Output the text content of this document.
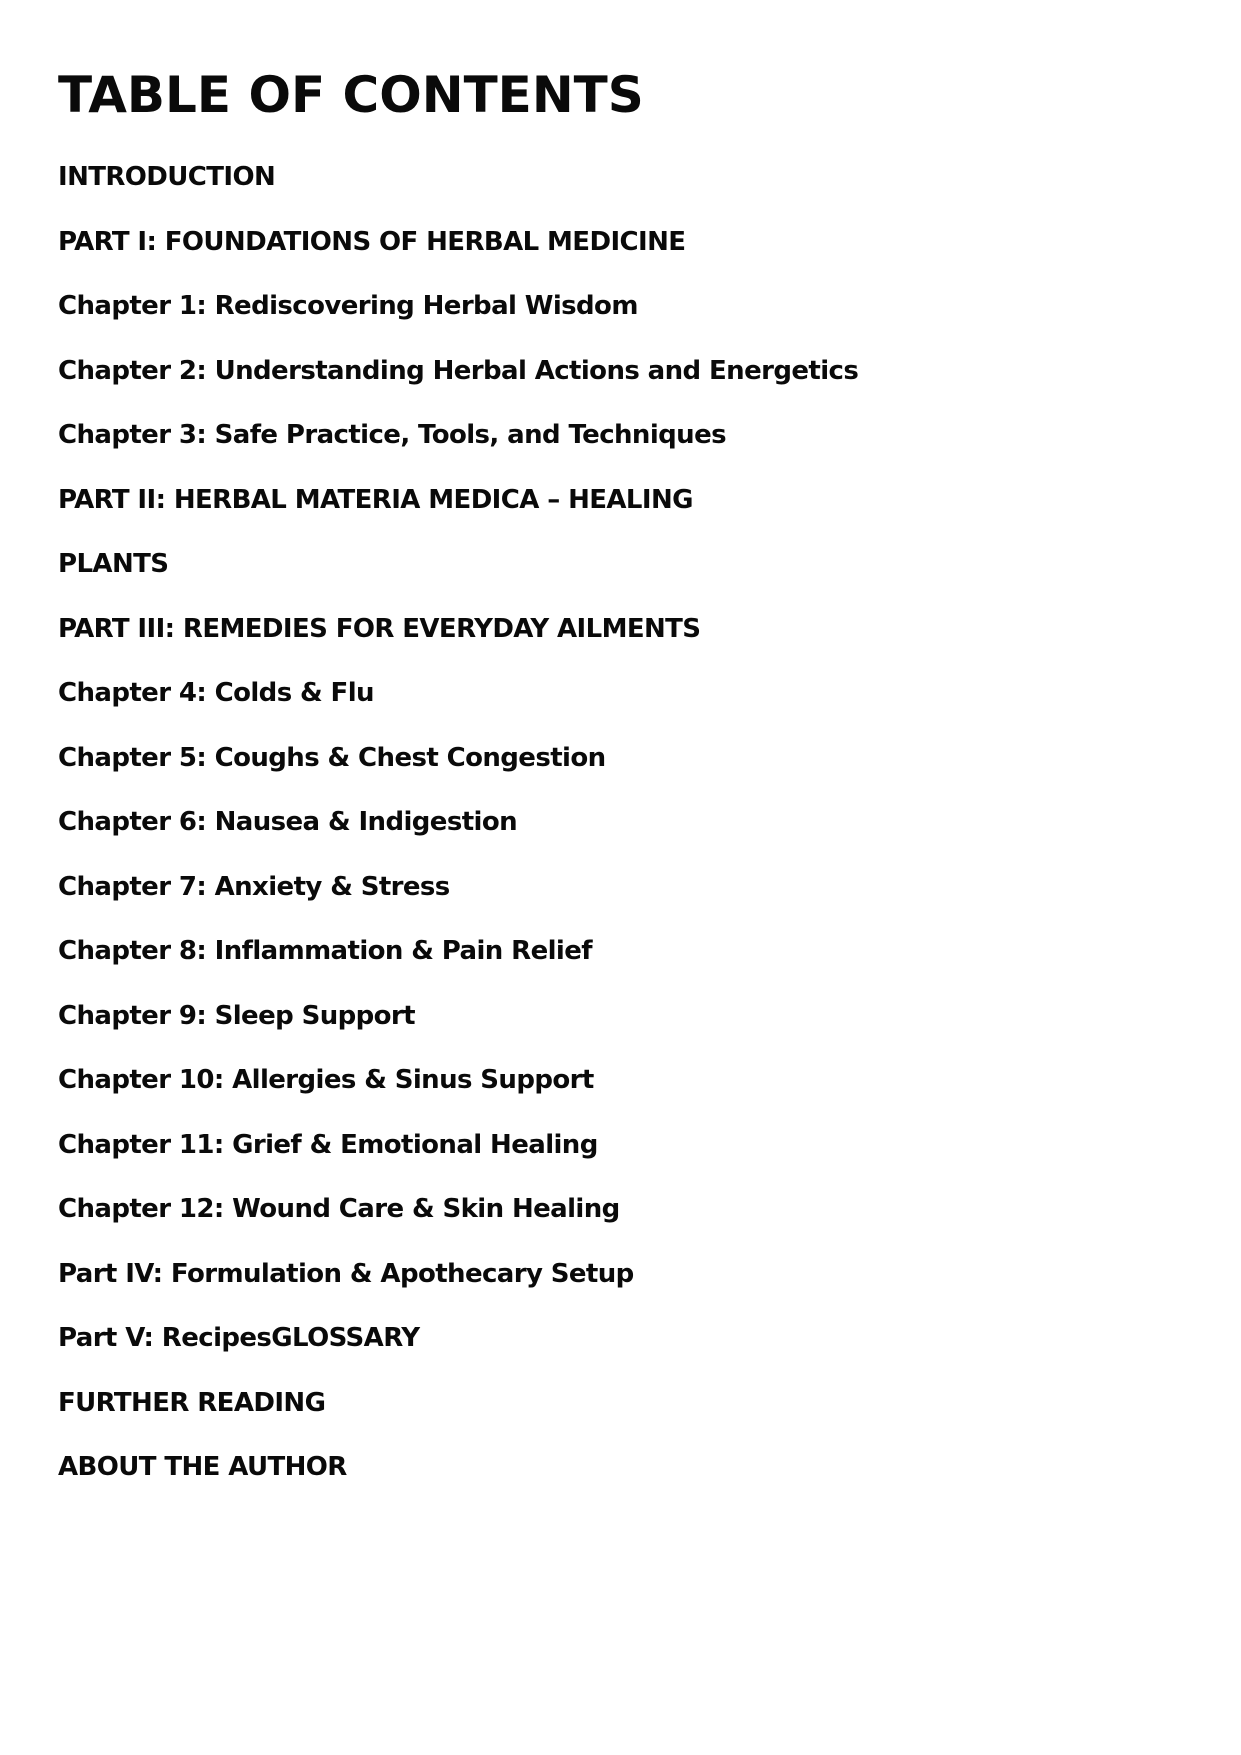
TABLE OF CONTENTS
INTRODUCTION
PART I: FOUNDATIONS OF HERBAL MEDICINE
Chapter 1: Rediscovering Herbal Wisdom
Chapter 2: Understanding Herbal Actions and Energetics
Chapter 3: Safe Practice, Tools, and Techniques
PART II: HERBAL MATERIA MEDICA – HEALING
PLANTS
PART III: REMEDIES FOR EVERYDAY AILMENTS
Chapter 4: Colds & Flu
Chapter 5: Coughs & Chest Congestion
Chapter 6: Nausea & Indigestion
Chapter 7: Anxiety & Stress
Chapter 8: Inflammation & Pain Relief
Chapter 9: Sleep Support
Chapter 10: Allergies & Sinus Support
Chapter 11: Grief & Emotional Healing
Chapter 12: Wound Care & Skin Healing
Part IV: Formulation & Apothecary Setup
Part V: RecipesGLOSSARY
FURTHER READING
ABOUT THE AUTHOR
